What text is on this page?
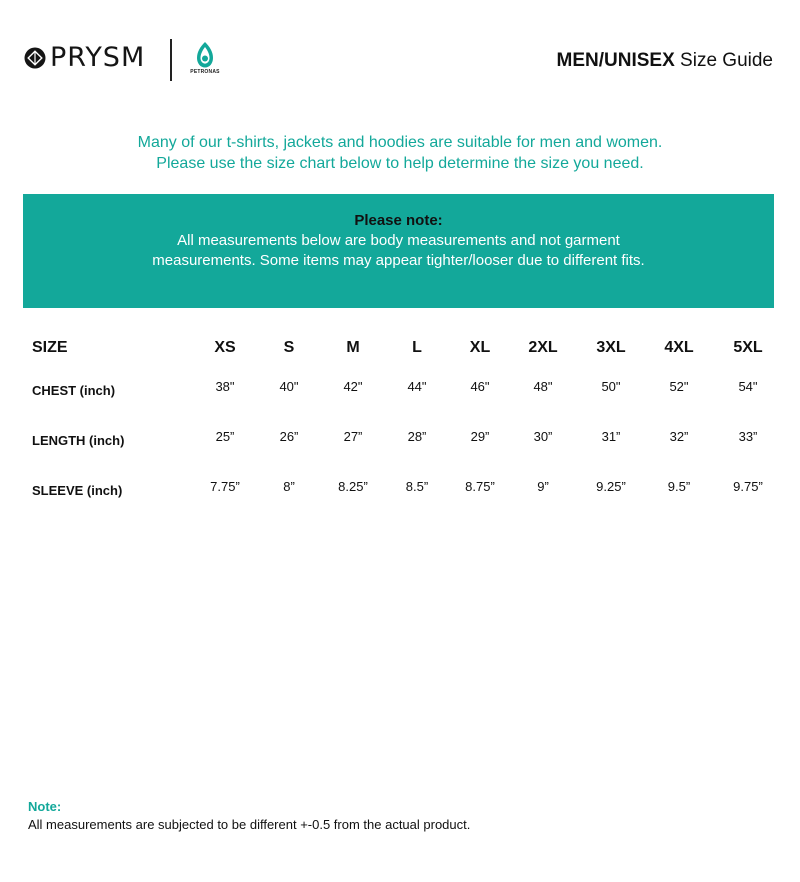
PRYSM	PETRONAS
MEN/UNISEX Size Guide
Many of our t-shirts, jackets and hoodies are suitable for men and women.
Please use the size chart below to help determine the size you need.
Please note:
All measurements below are body measurements and not garment measurements. Some items may appear tighter/looser due to different fits.
SIZE	XS	S	M	L	XL	2XL	3XL	4XL	5XL
CHEST (inch)	38"	40"	42"	44"	46"	48"	50"	52"	54"
LENGTH (inch)	25”	26”	27”	28”	29”	30”	31”	32”	33”
SLEEVE (inch)	7.75”	8”	8.25”	8.5”	8.75”	9”	9.25”	9.5”	9.75”
Note:
All measurements are subjected to be different +-0.5 from the actual product.
